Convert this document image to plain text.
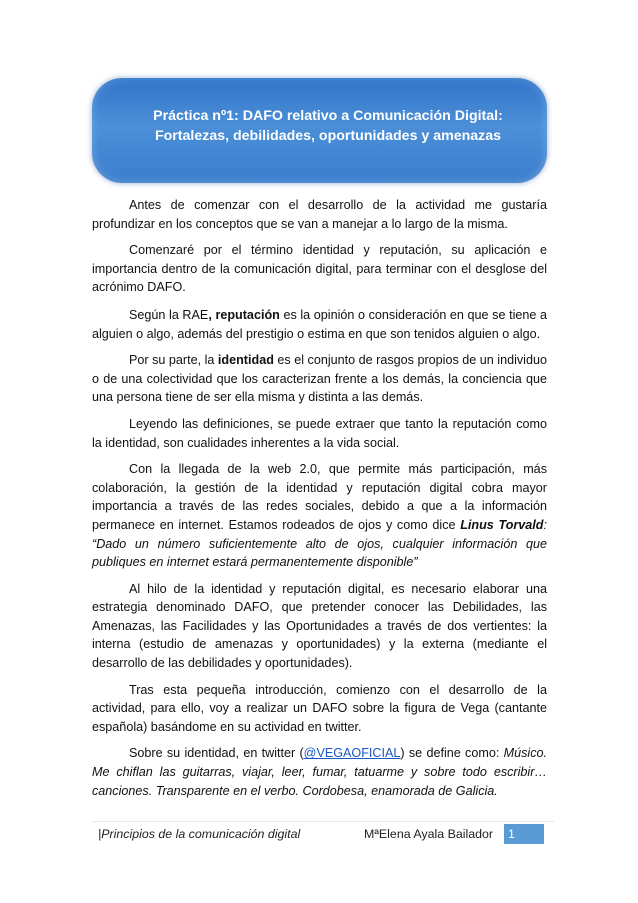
Práctica nº1: DAFO relativo a Comunicación Digital:
Fortalezas, debilidades, oportunidades y amenazas

Antes de comenzar con el desarrollo de la actividad me gustaría profundizar en los conceptos que se van a manejar a lo largo de la misma.

Comenzaré por el término identidad y reputación, su aplicación e importancia dentro de la comunicación digital, para terminar con el desglose del acrónimo DAFO.

Según la RAE, reputación es la opinión o consideración en que se tiene a alguien o algo, además del prestigio o estima en que son tenidos alguien o algo.

Por su parte, la identidad es el conjunto de rasgos propios de un individuo o de una colectividad que los caracterizan frente a los demás, la conciencia que una persona tiene de ser ella misma y distinta a las demás.

Leyendo las definiciones, se puede extraer que tanto la reputación como la identidad, son cualidades inherentes a la vida social.

Con la llegada de la web 2.0, que permite más participación, más colaboración, la gestión de la identidad y reputación digital cobra mayor importancia a través de las redes sociales, debido a que a la información permanece en internet. Estamos rodeados de ojos y como dice Linus Torvald: “Dado un número suficientemente alto de ojos, cualquier información que publiques en internet estará permanentemente disponible”

Al hilo de la identidad y reputación digital, es necesario elaborar una estrategia denominado DAFO, que pretender conocer las Debilidades, las Amenazas, las Facilidades y las Oportunidades a través de dos vertientes: la interna (estudio de amenazas y oportunidades) y la externa (mediante el desarrollo de las debilidades y oportunidades).

Tras esta pequeña introducción, comienzo con el desarrollo de la actividad, para ello, voy a realizar un DAFO sobre la figura de Vega (cantante española) basándome en su actividad en twitter.

Sobre su identidad, en twitter (@VEGAOFICIAL) se define como: Músico. Me chiflan las guitarras, viajar, leer, fumar, tatuarme y sobre todo escribir… canciones. Transparente en el verbo. Cordobesa, enamorada de Galicia.

|Principios de la comunicación digital	MªElena Ayala Bailador	1
